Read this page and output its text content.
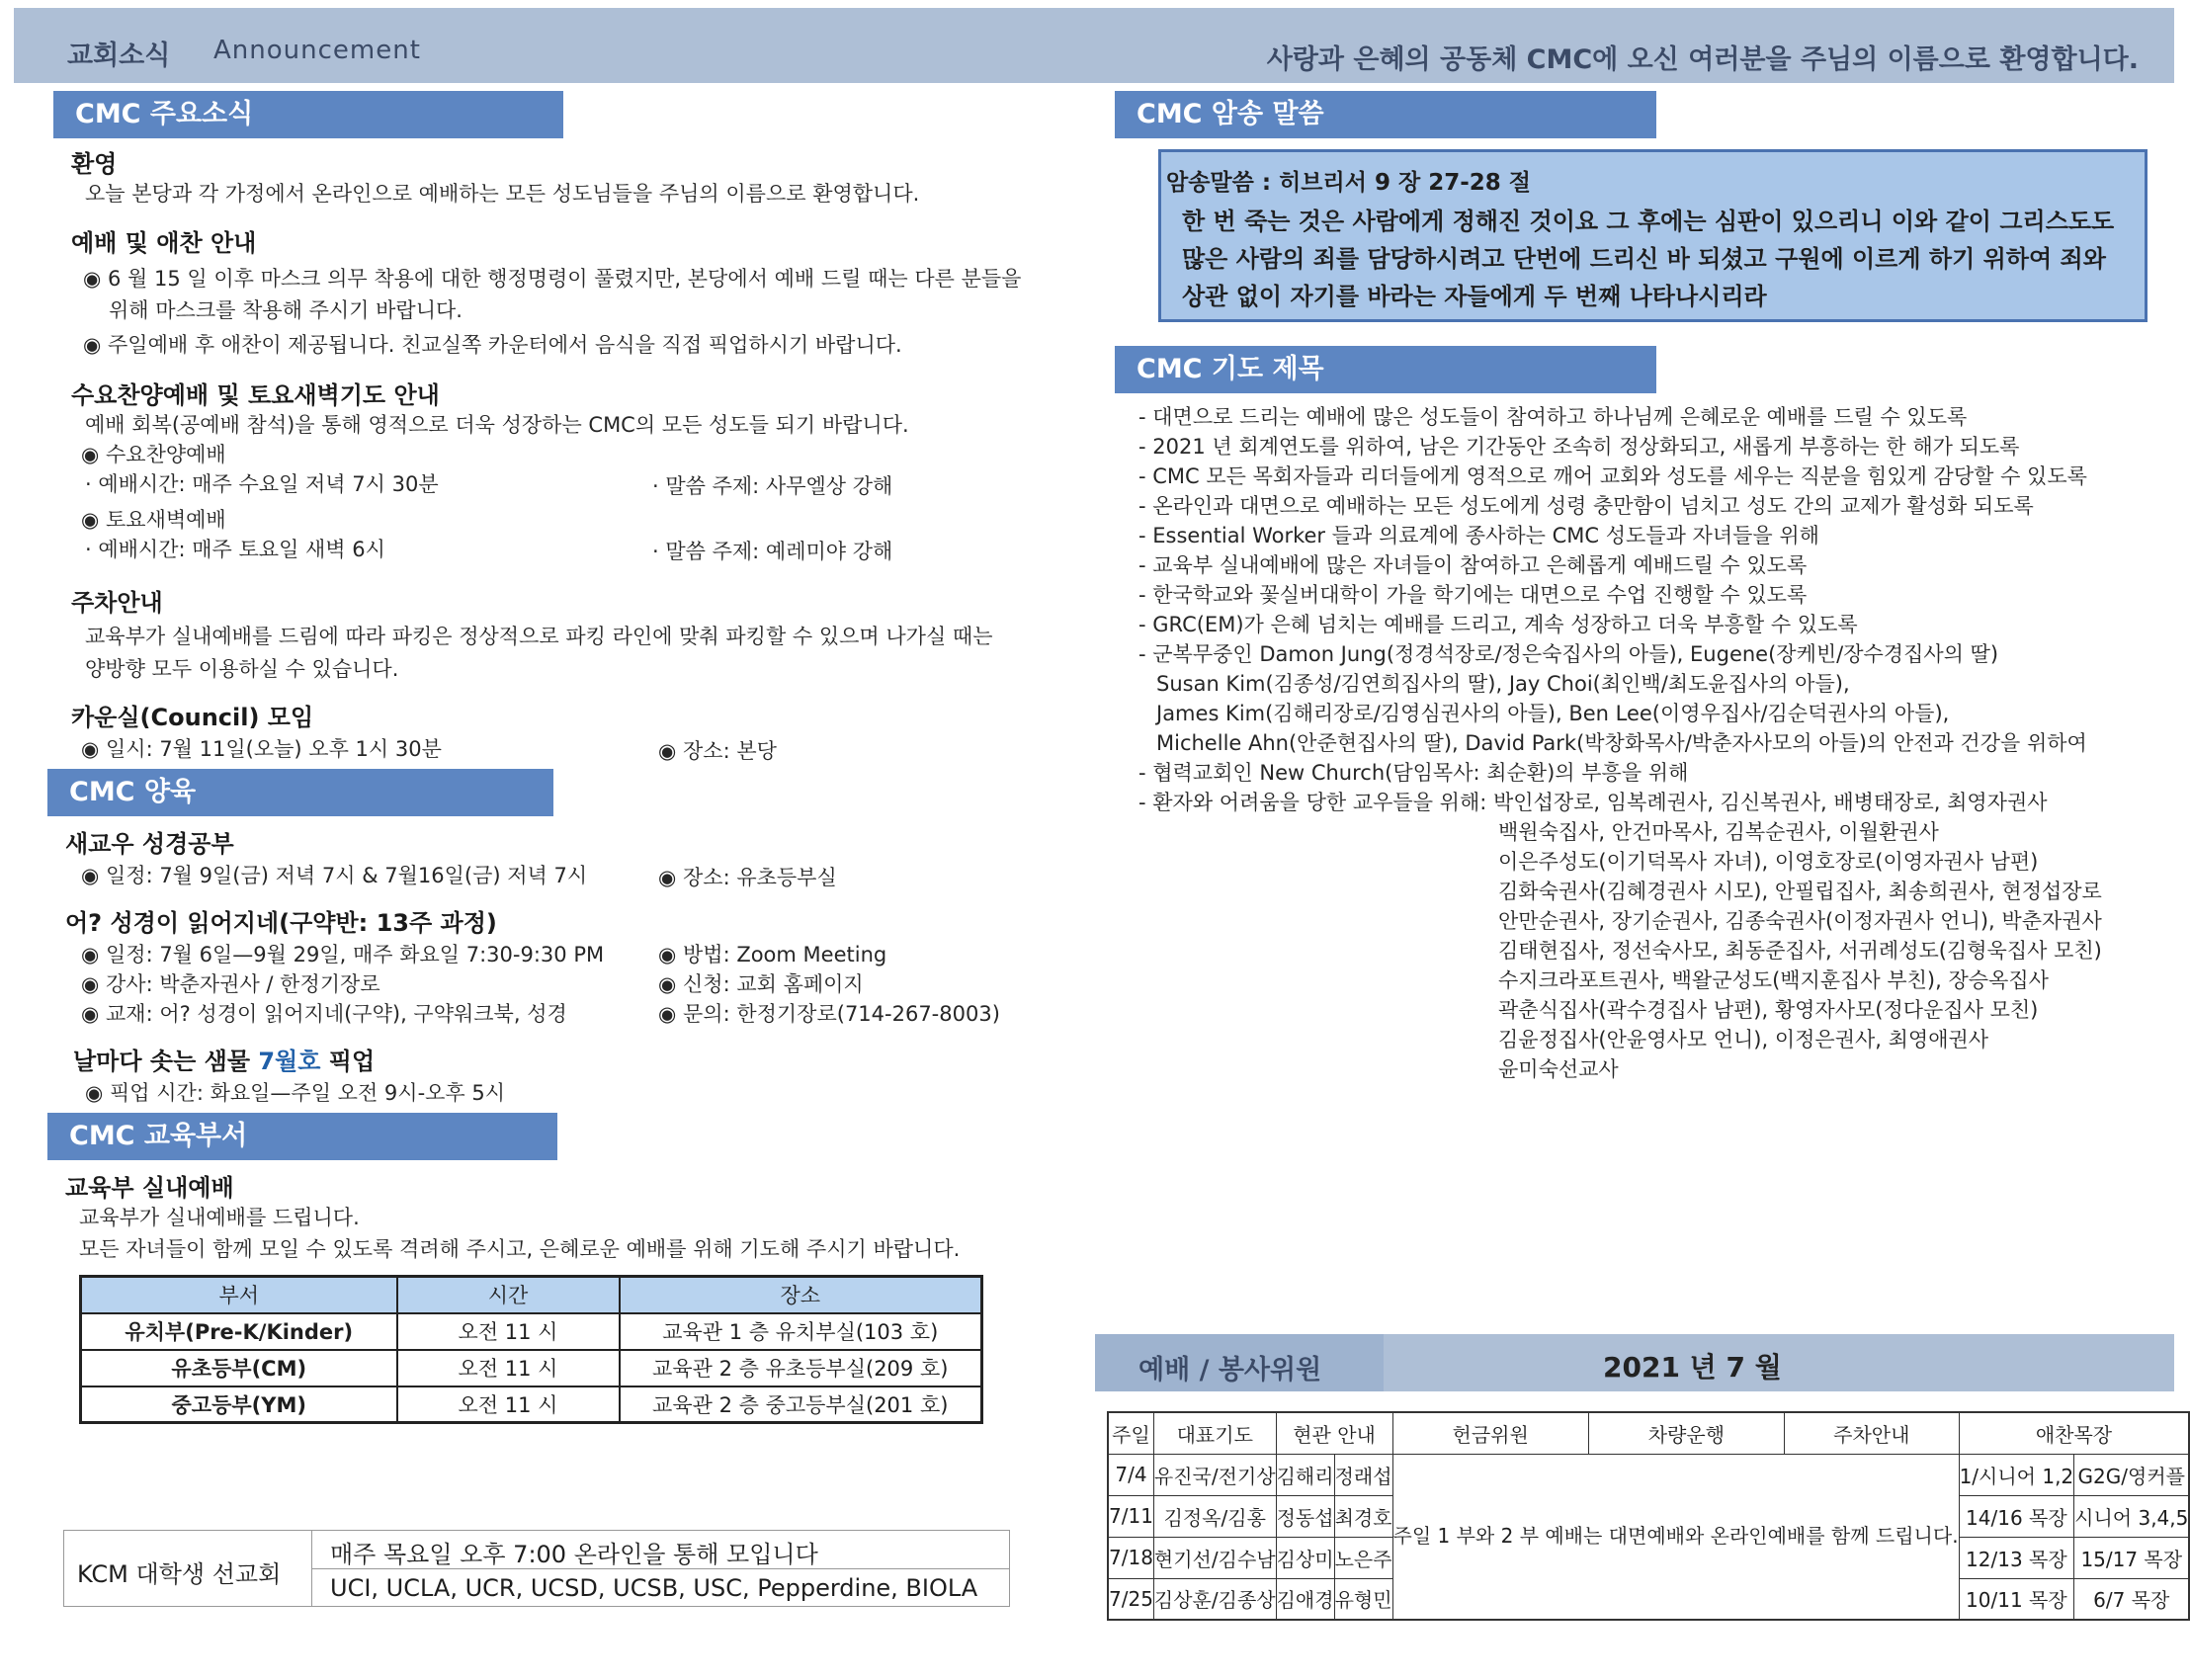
교회소식 Announcement	사랑과 은혜의 공동체 CMC에 오신 여러분을 주님의 이름으로 환영합니다.
CMC 주요소식
환영
오늘 본당과 각 가정에서 온라인으로 예배하는 모든 성도님들을 주님의 이름으로 환영합니다.
예배 및 애찬 안내
◉ 6 월 15 일 이후 마스크 의무 착용에 대한 행정명령이 풀렸지만, 본당에서 예배 드릴 때는 다른 분들을
위해 마스크를 착용해 주시기 바랍니다.
◉ 주일예배 후 애찬이 제공됩니다. 친교실쪽 카운터에서 음식을 직접 픽업하시기 바랍니다.
수요찬양예배 및 토요새벽기도 안내
예배 회복(공예배 참석)을 통해 영적으로 더욱 성장하는 CMC의 모든 성도들 되기 바랍니다.
◉ 수요찬양예배
· 예배시간: 매주 수요일 저녁 7시 30분	· 말씀 주제: 사무엘상 강해
◉ 토요새벽예배
· 예배시간: 매주 토요일 새벽 6시	· 말씀 주제: 예레미야 강해
주차안내
교육부가 실내예배를 드림에 따라 파킹은 정상적으로 파킹 라인에 맞춰 파킹할 수 있으며 나가실 때는
양방향 모두 이용하실 수 있습니다.
카운실(Council) 모임
◉ 일시: 7월 11일(오늘) 오후 1시 30분	◉ 장소: 본당
CMC 양육
새교우 성경공부
◉ 일정: 7월 9일(금) 저녁 7시 & 7월16일(금) 저녁 7시	◉ 장소: 유초등부실
어? 성경이 읽어지네(구약반: 13주 과정)
◉ 일정: 7월 6일—9월 29일, 매주 화요일 7:30-9:30 PM	◉ 방법: Zoom Meeting
◉ 강사: 박춘자권사 / 한정기장로	◉ 신청: 교회 홈페이지
◉ 교재: 어? 성경이 읽어지네(구약), 구약워크북, 성경	◉ 문의: 한정기장로(714-267-8003)
날마다 솟는 샘물 7월호 픽업
◉ 픽업 시간: 화요일—주일 오전 9시-오후 5시
CMC 교육부서
교육부 실내예배
교육부가 실내예배를 드립니다.
모든 자녀들이 함께 모일 수 있도록 격려해 주시고, 은혜로운 예배를 위해 기도해 주시기 바랍니다.
부서	시간	장소
유치부(Pre-K/Kinder)	오전 11 시	교육관 1 층 유치부실(103 호)
유초등부(CM)	오전 11 시	교육관 2 층 유초등부실(209 호)
중고등부(YM)	오전 11 시	교육관 2 층 중고등부실(201 호)
KCM 대학생 선교회
매주 목요일 오후 7:00 온라인을 통해 모입니다
UCI, UCLA, UCR, UCSD, UCSB, USC, Pepperdine, BIOLA
CMC 암송 말씀
암송말씀 : 히브리서 9 장 27-28 절
한 번 죽는 것은 사람에게 정해진 것이요 그 후에는 심판이 있으리니 이와 같이 그리스도도
많은 사람의 죄를 담당하시려고 단번에 드리신 바 되셨고 구원에 이르게 하기 위하여 죄와
상관 없이 자기를 바라는 자들에게 두 번째 나타나시리라
CMC 기도 제목
- 대면으로 드리는 예배에 많은 성도들이 참여하고 하나님께 은혜로운 예배를 드릴 수 있도록
- 2021 년 회계연도를 위하여, 남은 기간동안 조속히 정상화되고, 새롭게 부흥하는 한 해가 되도록
- CMC 모든 목회자들과 리더들에게 영적으로 깨어 교회와 성도를 세우는 직분을 힘있게 감당할 수 있도록
- 온라인과 대면으로 예배하는 모든 성도에게 성령 충만함이 넘치고 성도 간의 교제가 활성화 되도록
- Essential Worker 들과 의료계에 종사하는 CMC 성도들과 자녀들을 위해
- 교육부 실내예배에 많은 자녀들이 참여하고 은혜롭게 예배드릴 수 있도록
- 한국학교와 꽃실버대학이 가을 학기에는 대면으로 수업 진행할 수 있도록
- GRC(EM)가 은혜 넘치는 예배를 드리고, 계속 성장하고 더욱 부흥할 수 있도록
- 군복무중인 Damon Jung(정경석장로/정은숙집사의 아들), Eugene(장케빈/장수경집사의 딸)
Susan Kim(김종성/김연희집사의 딸), Jay Choi(최인백/최도윤집사의 아들),
James Kim(김해리장로/김영심권사의 아들), Ben Lee(이영우집사/김순덕권사의 아들),
Michelle Ahn(안준현집사의 딸), David Park(박창화목사/박춘자사모의 아들)의 안전과 건강을 위하여
- 협력교회인 New Church(담임목사: 최순환)의 부흥을 위해
- 환자와 어려움을 당한 교우들을 위해: 박인섭장로, 임복례권사, 김신복권사, 배병태장로, 최영자권사
백원숙집사, 안건마목사, 김복순권사, 이월환권사
이은주성도(이기덕목사 자녀), 이영호장로(이영자권사 남편)
김화숙권사(김혜경권사 시모), 안필립집사, 최송희권사, 현정섭장로
안만순권사, 장기순권사, 김종숙권사(이정자권사 언니), 박춘자권사
김태현집사, 정선숙사모, 최동준집사, 서귀례성도(김형욱집사 모친)
수지크라포트권사, 백왈군성도(백지훈집사 부친), 장승옥집사
곽춘식집사(곽수경집사 남편), 황영자사모(정다운집사 모친)
김윤정집사(안윤영사모 언니), 이정은권사, 최영애권사
윤미숙선교사
예배 / 봉사위원	2021 년 7 월
주일	대표기도	현관 안내		헌금위원	차량운행	주차안내	애찬목장	
7/4	유진국/전기상	김해리	정래섭	주일 1 부와 2 부 예배는 대면예배와 온라인예배를 함께 드립니다.			1/시니어 1,2	G2G/영커플
7/11	김정옥/김홍	정동섭	최경호				14/16 목장	시니어 3,4,5
7/18	현기선/김수남	김상미	노은주				12/13 목장	15/17 목장
7/25	김상훈/김종상	김애경	유형민				10/11 목장	6/7 목장
